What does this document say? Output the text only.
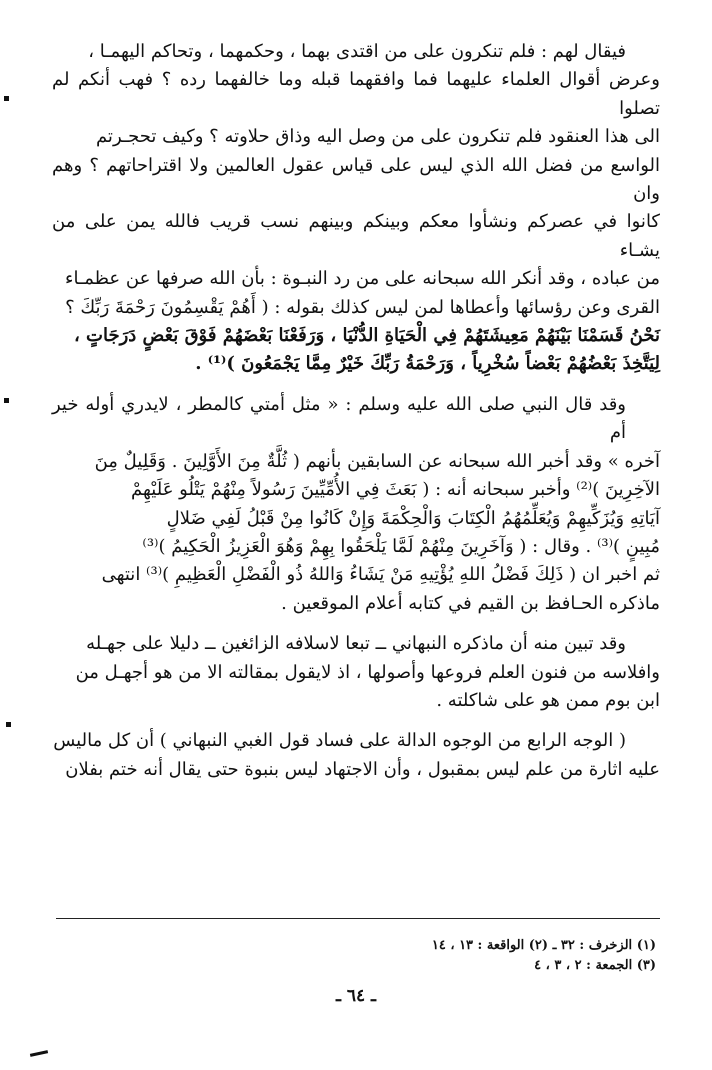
فيقال لهم : فلم تنكرون على من اقتدى بهما ، وحكمهما ، وتحاكم اليهمـا ،
وعرض أقوال العلماء عليهما فما وافقهما قبله وما خالفهما رده ؟ فهب أنكم لم تصلوا
الى هذا العنقود فلم تنكرون على من وصل اليه وذاق حلاوته ؟ وكيف تحجـرتم
الواسع من فضل الله الذي ليس على قياس عقول العالمين ولا اقتراحاتهم ؟ وهم وان
كانوا في عصركم ونشأوا معكم وبينكم وبينهم نسب قريب فالله يمن على من يشـاء
من عباده ، وقد أنكر الله سبحانه على من رد النبـوة : بأن الله صرفها عن عظمـاء
القرى وعن رؤسائها وأعطاها لمن ليس كذلك بقوله : ( أَهُمْ يَقْسِمُونَ رَحْمَةَ رَبِّكَ ؟
نَحْنُ قَسَمْنَا بَيْنَهُمْ مَعِيشَتَهُمْ فِي الْحَيَاةِ الدُّنْيَا ، وَرَفَعْنَا بَعْضَهُمْ فَوْقَ بَعْضٍ دَرَجَاتٍ ،
لِيَتَّخِذَ بَعْضُهُمْ بَعْضاً سُخْرِياً ، وَرَحْمَةُ رَبِّكَ خَيْرٌ مِمَّا يَجْمَعُونَ )⁽¹⁾ .
وقد قال النبي صلى الله عليه وسلم : « مثل أمتي كالمطر ، لايدري أوله خير أم
آخره » وقد أخبر الله سبحانه عن السابقين بأنهم ( ثُلَّةٌ مِنَ الأَوَّلِينَ . وَقَلِيلٌ مِنَ
الآخِرِينَ )⁽²⁾ وأخبر سبحانه أنه : ( بَعَثَ فِي الأُمِّيِّينَ رَسُولاً مِنْهُمْ يَتْلُو عَلَيْهِمْ
آيَاتِهِ وَيُزَكِّيهِمْ وَيُعَلِّمُهُمُ الْكِتَابَ وَالْحِكْمَةَ وَإِنْ كَانُوا مِنْ قَبْلُ لَفِي ضَلالٍ
مُبِينٍ )⁽³⁾ . وقال : ( وَآخَرِينَ مِنْهُمْ لَمَّا يَلْحَقُوا بِهِمْ وَهُوَ الْعَزِيزُ الْحَكِيمُ )⁽³⁾
ثم اخبر ان ( ذَلِكَ فَضْلُ اللهِ يُؤْتِيهِ مَنْ يَشَاءُ وَاللهُ ذُو الْفَضْلِ الْعَظِيمِ )⁽³⁾ انتهى
ماذكره الحـافظ بن القيم في كتابه أعلام الموقعين .
وقد تبين منه أن ماذكره النبهاني ــ تبعا لاسلافه الزائغين ــ دليلا على جهـله
وافلاسه من فنون العلم فروعها وأصولها ، اذ لايقول بمقالته الا من هو أجهـل من
ابن بوم ممن هو على شاكلته .
( الوجه الرابع من الوجوه الدالة على فساد قول الغبي النبهاني ) أن كل ماليس
عليه اثارة من علم ليس بمقبول ، وأن الاجتهاد ليس بنبوة حتى يقال أنه ختم بفلان
(١) الزخرف : ٣٢ ـ (٢) الواقعة : ١٣ ، ١٤
(٣) الجمعة : ٢ ، ٣ ، ٤
ـ ٦٤ ـ
